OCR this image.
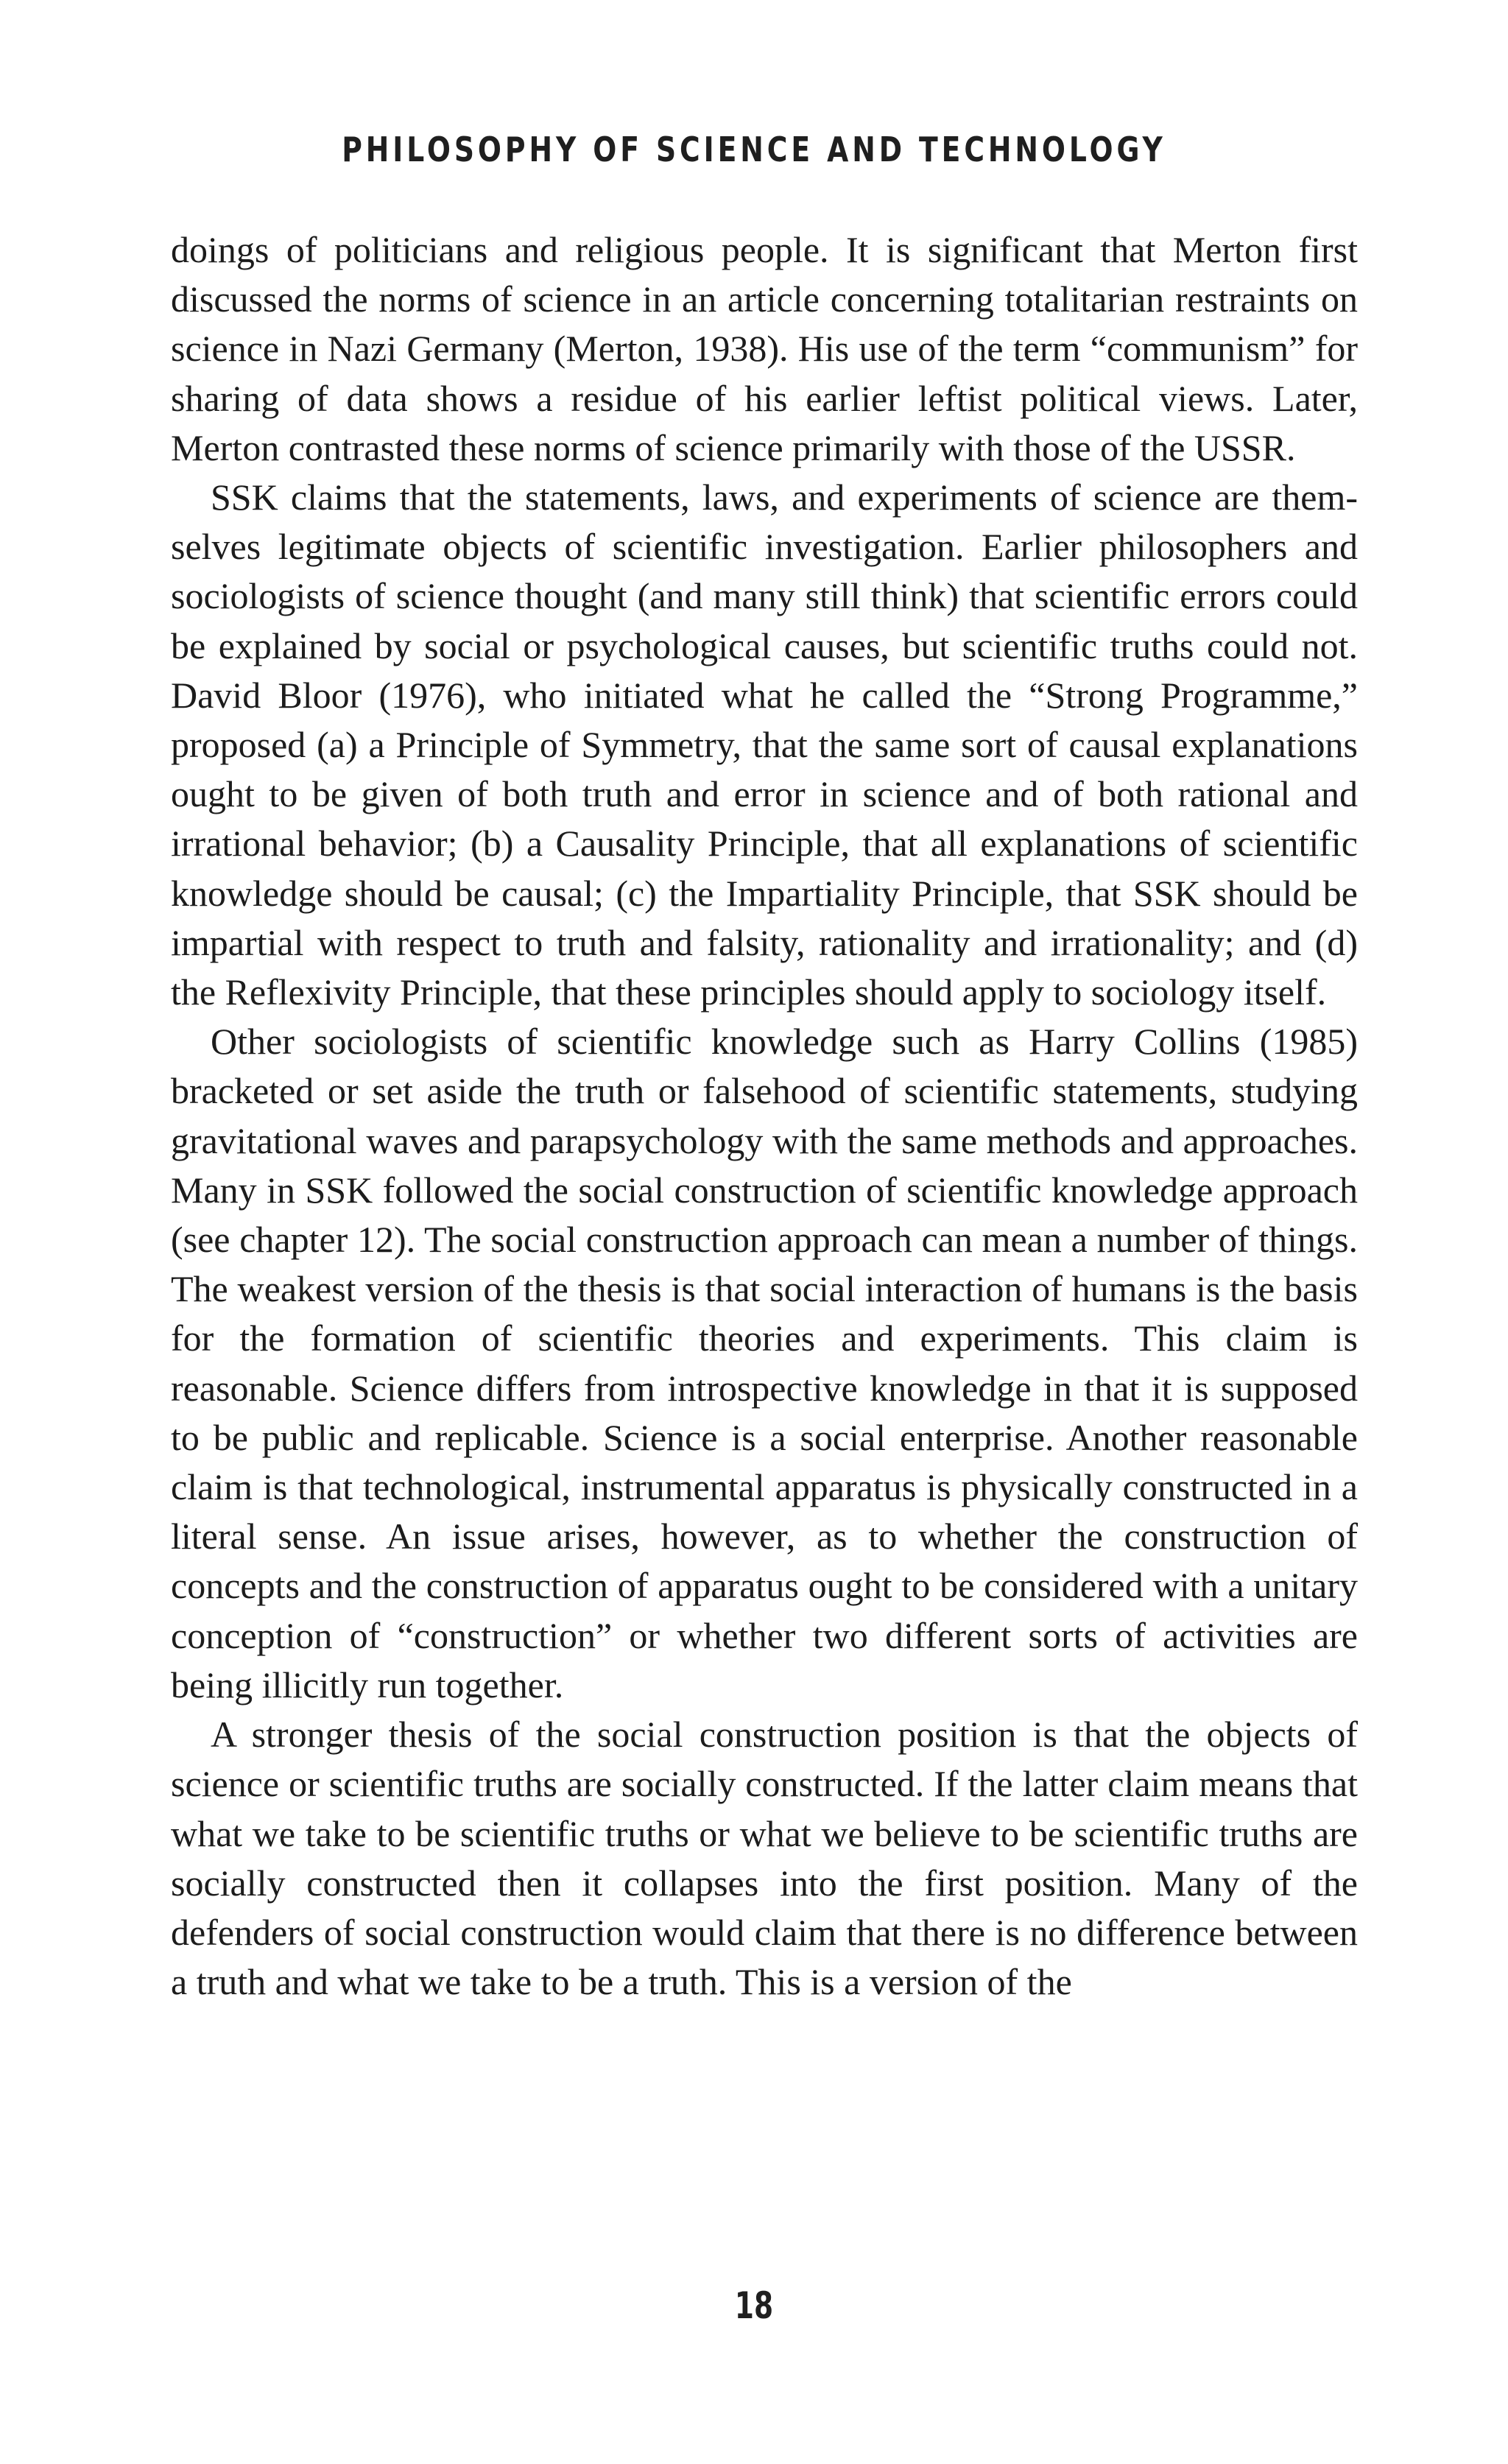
PHILOSOPHY OF SCIENCE AND TECHNOLOGY

doings of politicians and religious people. It is significant that Merton first discussed the norms of science in an article concerning totalitarian restraints on science in Nazi Germany (Merton, 1938). His use of the term “communism” for sharing of data shows a residue of his earlier leftist political views. Later, Merton contrasted these norms of science primarily with those of the USSR.

SSK claims that the statements, laws, and experiments of science are themselves legitimate objects of scientific investigation. Earlier philosophers and sociologists of science thought (and many still think) that scientific errors could be explained by social or psychological causes, but scientific truths could not. David Bloor (1976), who initiated what he called the “Strong Programme,” proposed (a) a Principle of Symmetry, that the same sort of causal explanations ought to be given of both truth and error in science and of both rational and irrational behavior; (b) a Causality Principle, that all explanations of scientific knowledge should be causal; (c) the Impartiality Principle, that SSK should be impartial with respect to truth and falsity, rationality and irrationality; and (d) the Reflexivity Principle, that these principles should apply to sociology itself.

Other sociologists of scientific knowledge such as Harry Collins (1985) bracketed or set aside the truth or falsehood of scientific statements, studying gravitational waves and parapsychology with the same methods and approaches. Many in SSK followed the social construction of scientific knowledge approach (see chapter 12). The social construction approach can mean a number of things. The weakest version of the thesis is that social interaction of humans is the basis for the formation of scientific theories and experiments. This claim is reasonable. Science differs from introspective knowledge in that it is supposed to be public and replicable. Science is a social enterprise. Another reasonable claim is that technological, instrumental apparatus is physically constructed in a literal sense. An issue arises, however, as to whether the construction of concepts and the construction of apparatus ought to be considered with a unitary conception of “construction” or whether two different sorts of activities are being illicitly run together.

A stronger thesis of the social construction position is that the objects of science or scientific truths are socially constructed. If the latter claim means that what we take to be scientific truths or what we believe to be scientific truths are socially constructed then it collapses into the first position. Many of the defenders of social construction would claim that there is no difference between a truth and what we take to be a truth. This is a version of the

18
